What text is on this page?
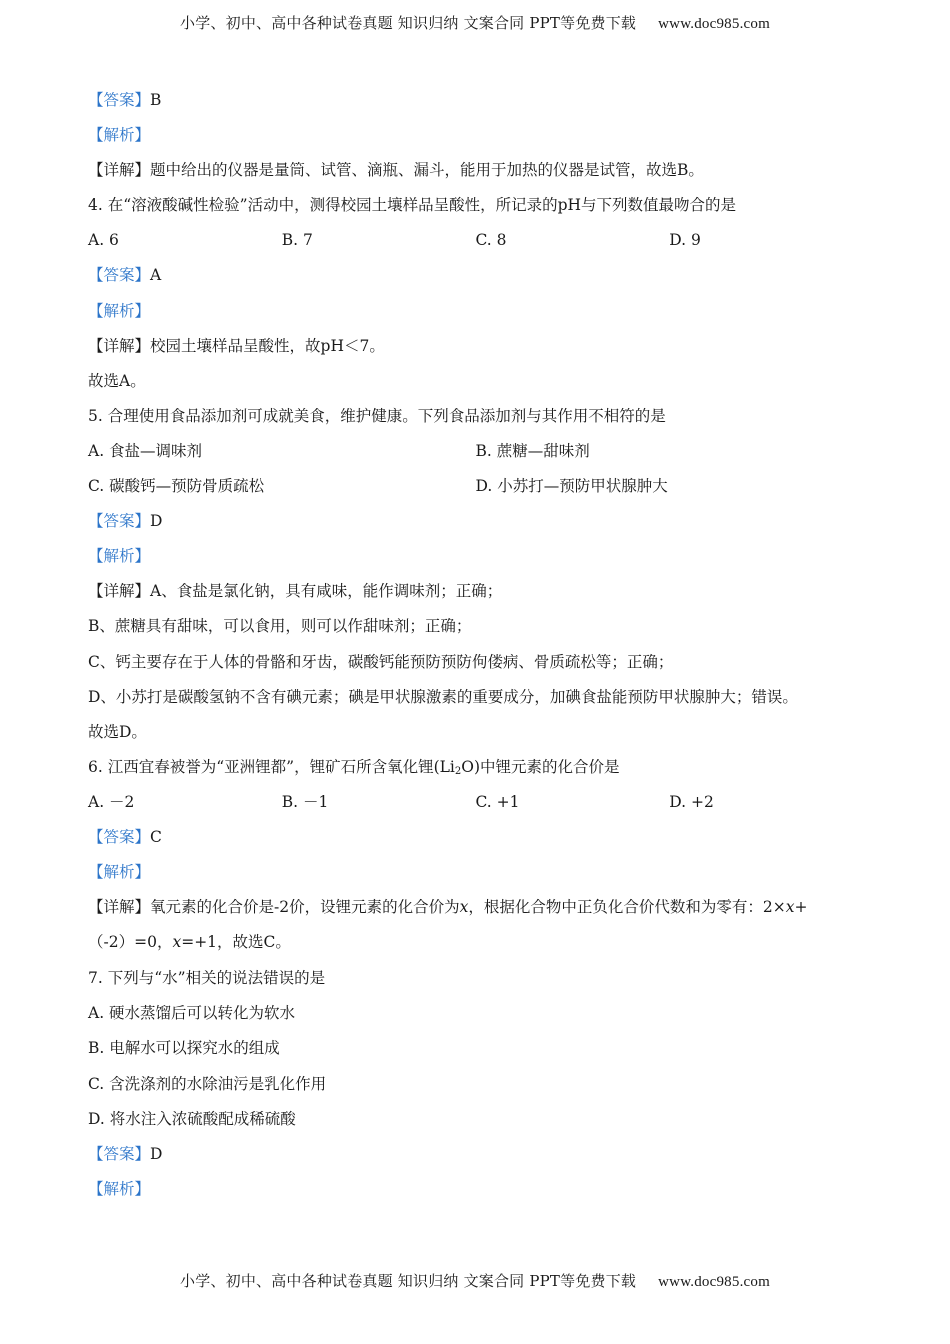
小学、初中、高中各种试卷真题 知识归纳 文案合同 PPT等免费下载 www.doc985.com
【答案】B
【解析】
【详解】题中给出的仪器是量筒、试管、滴瓶、漏斗，能用于加热的仪器是试管，故选B。
4. 在“溶液酸碱性检验”活动中，测得校园土壤样品呈酸性，所记录的pH与下列数值最吻合的是
A. 6	B. 7	C. 8	D. 9
【答案】A
【解析】
【详解】校园土壤样品呈酸性，故pH＜7。
故选A。
5. 合理使用食品添加剂可成就美食，维护健康。下列食品添加剂与其作用不相符的是
A. 食盐—调味剂	B. 蔗糖—甜味剂
C. 碳酸钙—预防骨质疏松	D. 小苏打—预防甲状腺肿大
【答案】D
【解析】
【详解】A、食盐是氯化钠，具有咸味，能作调味剂；正确；
B、蔗糖具有甜味，可以食用，则可以作甜味剂；正确；
C、钙主要存在于人体的骨骼和牙齿，碳酸钙能预防预防佝偻病、骨质疏松等；正确；
D、小苏打是碳酸氢钠不含有碘元素；碘是甲状腺激素的重要成分，加碘食盐能预防甲状腺肿大；错误。
故选D。
6. 江西宜春被誉为“亚洲锂都”，锂矿石所含氧化锂$(Li_2O)$中锂元素的化合价是
A. －2	B. －1	C. +1	D. +2
【答案】C
【解析】
【详解】氧元素的化合价是-2价，设锂元素的化合价为x，根据化合物中正负化合价代数和为零有：2×x+
（-2）=0，x=+1，故选C。
7. 下列与“水”相关的说法错误的是
A. 硬水蒸馏后可以转化为软水
B. 电解水可以探究水的组成
C. 含洗涤剂的水除油污是乳化作用
D. 将水注入浓硫酸配成稀硫酸
【答案】D
【解析】
小学、初中、高中各种试卷真题 知识归纳 文案合同 PPT等免费下载 www.doc985.com
